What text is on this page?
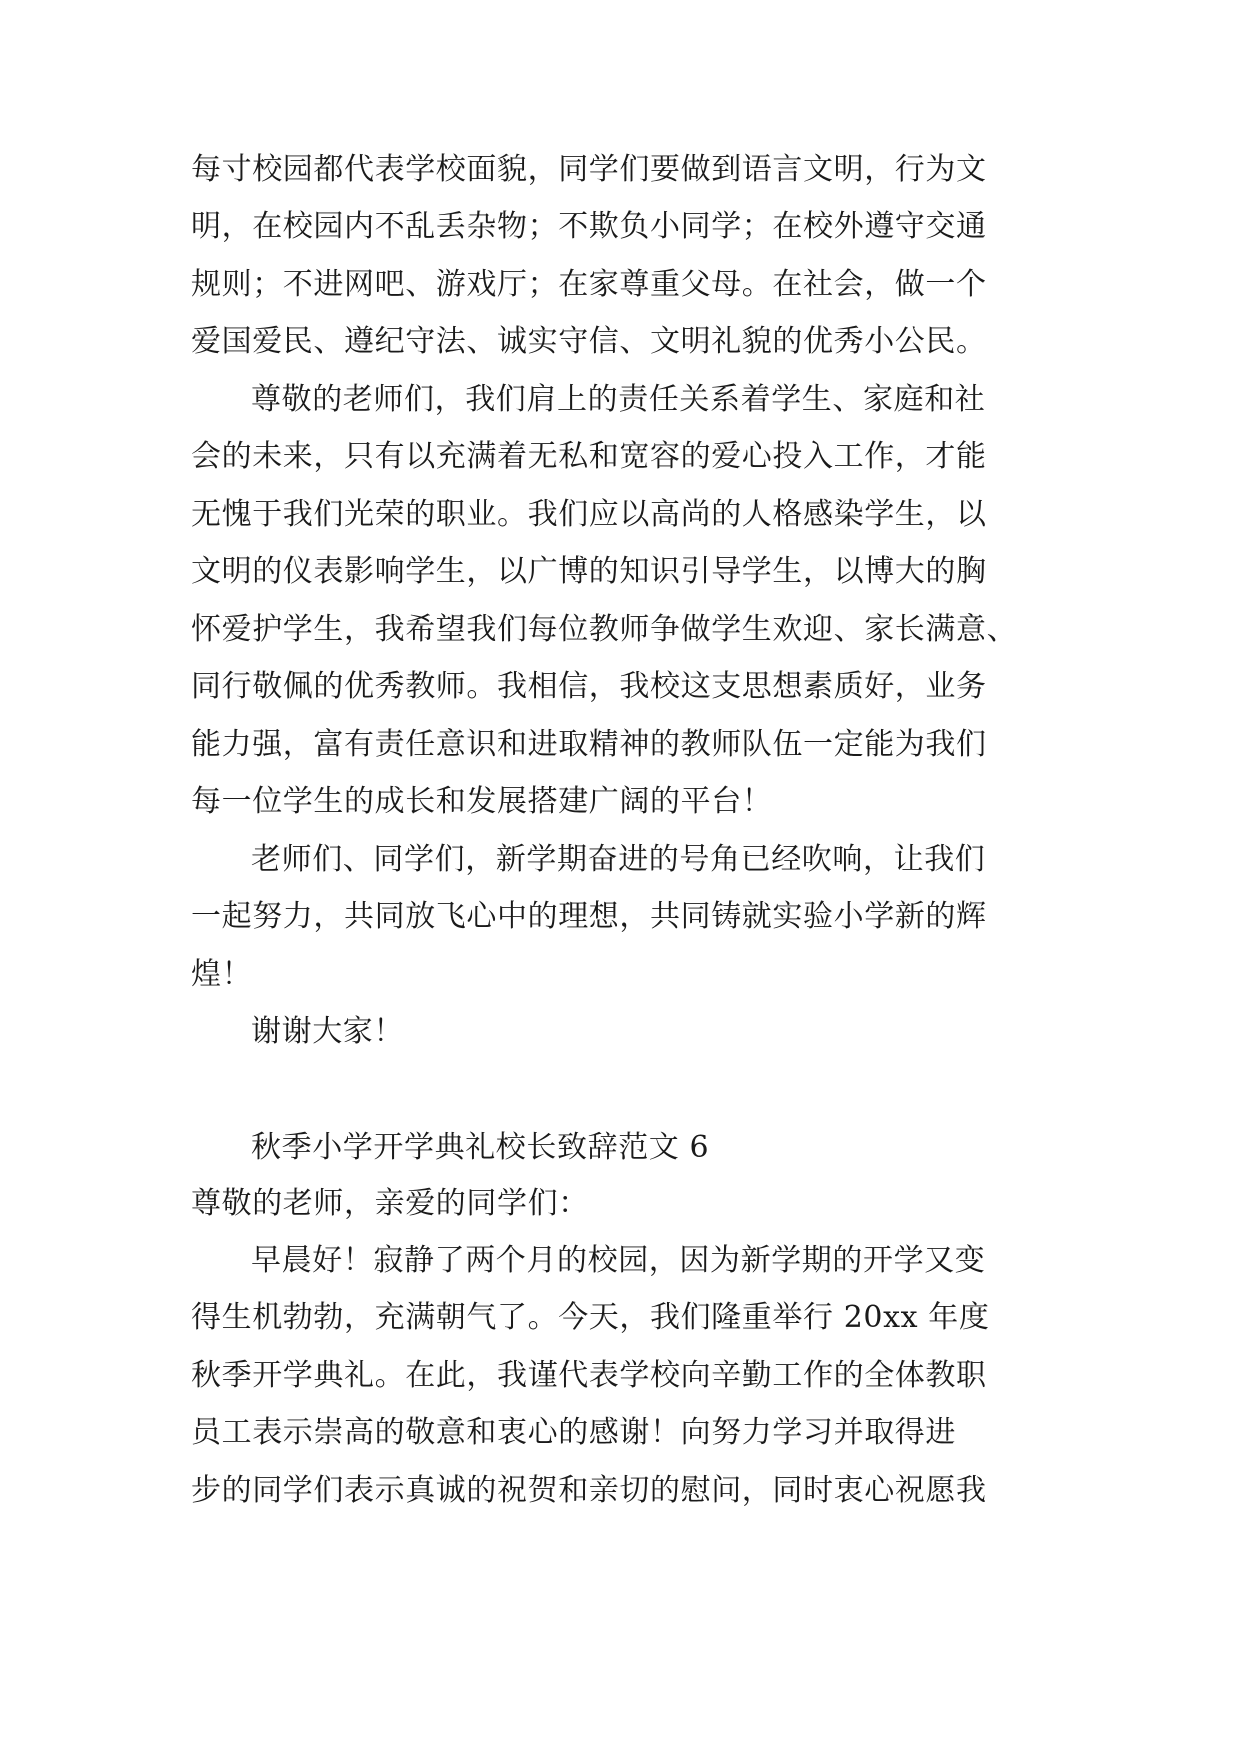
每寸校园都代表学校面貌，同学们要做到语言文明，行为文
明，在校园内不乱丢杂物；不欺负小同学；在校外遵守交通
规则；不进网吧、游戏厅；在家尊重父母。在社会，做一个
爱国爱民、遵纪守法、诚实守信、文明礼貌的优秀小公民。
尊敬的老师们，我们肩上的责任关系着学生、家庭和社
会的未来，只有以充满着无私和宽容的爱心投入工作，才能
无愧于我们光荣的职业。我们应以高尚的人格感染学生，以
文明的仪表影响学生，以广博的知识引导学生，以博大的胸
怀爱护学生，我希望我们每位教师争做学生欢迎、家长满意、
同行敬佩的优秀教师。我相信，我校这支思想素质好，业务
能力强，富有责任意识和进取精神的教师队伍一定能为我们
每一位学生的成长和发展搭建广阔的平台！
老师们、同学们，新学期奋进的号角已经吹响，让我们
一起努力，共同放飞心中的理想，共同铸就实验小学新的辉
煌！
谢谢大家！
秋季小学开学典礼校长致辞范文 6
尊敬的老师，亲爱的同学们：
早晨好！寂静了两个月的校园，因为新学期的开学又变
得生机勃勃，充满朝气了。今天，我们隆重举行 20xx 年度
秋季开学典礼。在此，我谨代表学校向辛勤工作的全体教职
员工表示崇高的敬意和衷心的感谢！向努力学习并取得进
步的同学们表示真诚的祝贺和亲切的慰问，同时衷心祝愿我
